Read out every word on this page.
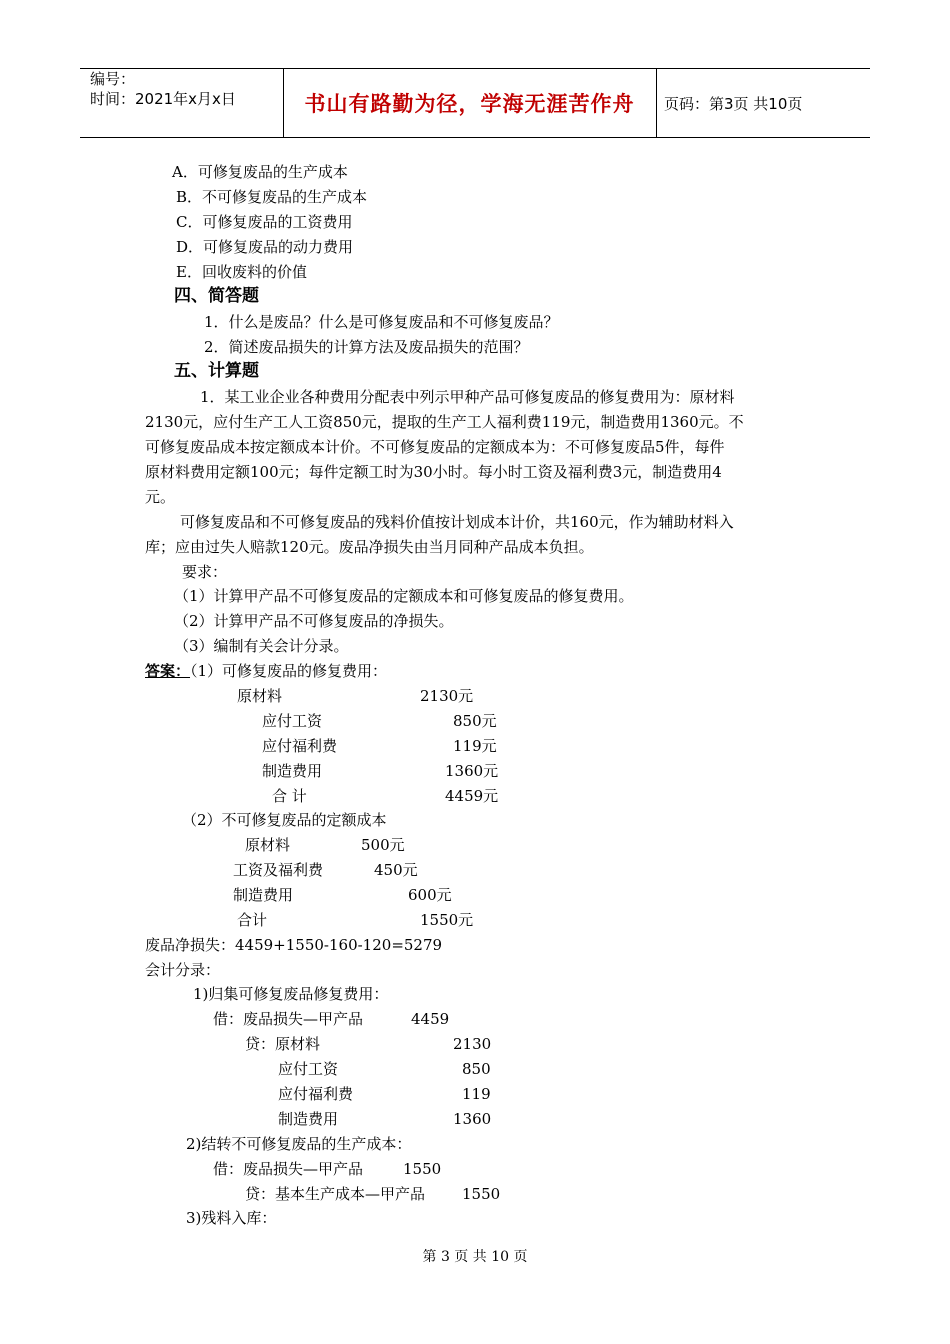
编号：
时间：2021年x月x日	书山有路勤为径，学海无涯苦作舟	页码：第3页 共10页
A．可修复废品的生产成本
B．不可修复废品的生产成本
C．可修复废品的工资费用
D．可修复废品的动力费用
E．回收废料的价值
四、简答题
1．什么是废品？什么是可修复废品和不可修复废品？
2．简述废品损失的计算方法及废品损失的范围？
五、计算题
1．某工业企业各种费用分配表中列示甲种产品可修复废品的修复费用为：原材料
2130元，应付生产工人工资850元，提取的生产工人福利费119元，制造费用1360元。不
可修复废品成本按定额成本计价。不可修复废品的定额成本为：不可修复废品5件，每件
原材料费用定额100元；每件定额工时为30小时。每小时工资及福利费3元，制造费用4
元。
可修复废品和不可修复废品的残料价值按计划成本计价，共160元，作为辅助材料入
库；应由过失人赔款120元。废品净损失由当月同种产品成本负担。
要求：
（1）计算甲产品不可修复废品的定额成本和可修复废品的修复费用。
（2）计算甲产品不可修复废品的净损失。
（3）编制有关会计分录。
答案：（1）可修复废品的修复费用：
原材料	2130元
应付工资	850元
应付福利费	119元
制造费用	1360元
合 计	4459元
（2）不可修复废品的定额成本
原材料	500元
工资及福利费	450元
制造费用	600元
合计	1550元
废品净损失：4459+1550-160-120=5279
会计分录：
1)归集可修复废品修复费用：
借：废品损失—甲产品	4459
贷：原材料	2130
应付工资	850
应付福利费	119
制造费用	1360
2)结转不可修复废品的生产成本：
借：废品损失—甲产品	1550
贷：基本生产成本—甲产品 1550
3)残料入库：
第 3 页 共 10 页
